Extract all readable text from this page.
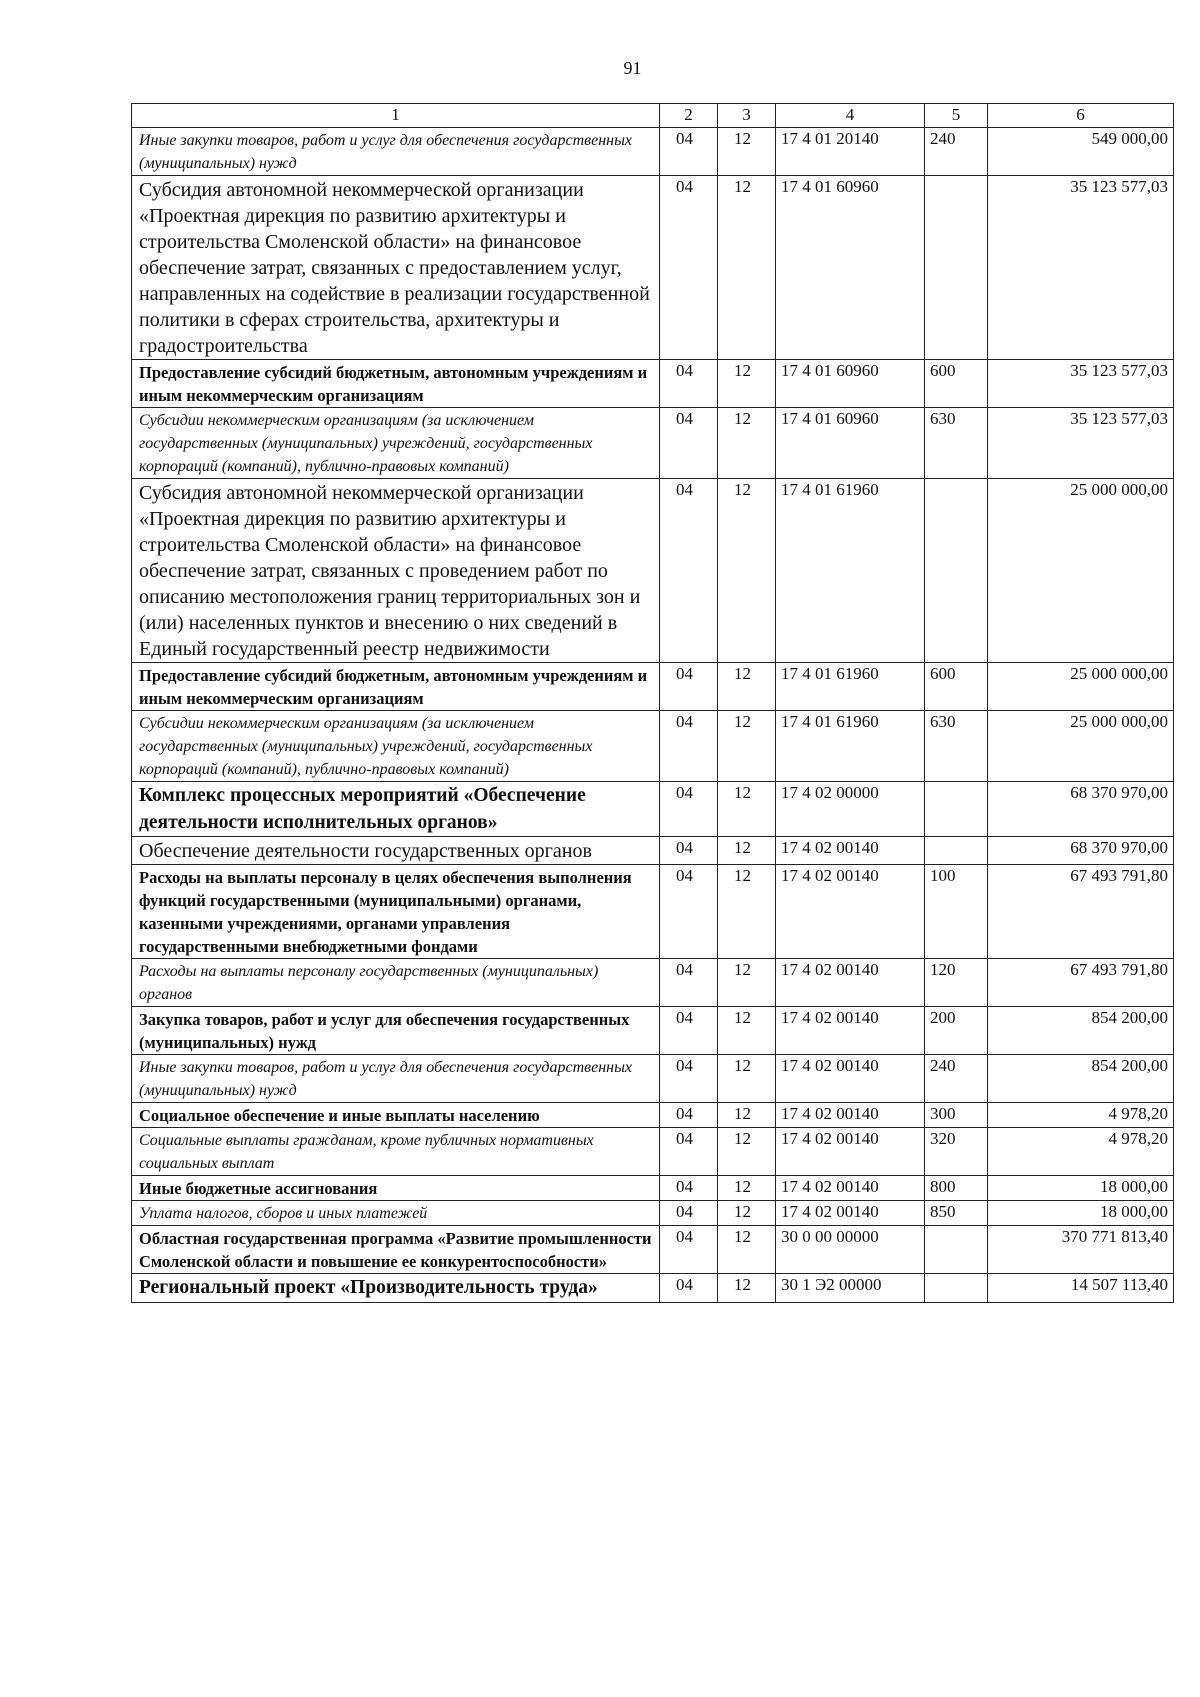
91
1	2	3	4	5	6
Иные закупки товаров, работ и услуг для обеспечения государственных (муниципальных) нужд	04	12	17 4 01 20140	240	549 000,00
Субсидия автономной некоммерческой организации «Проектная дирекция по развитию архитектуры и строительства Смоленской области» на финансовое обеспечение затрат, связанных с предоставлением услуг, направленных на содействие в реализации государственной политики в сферах строительства, архитектуры и градостроительства	04	12	17 4 01 60960		35 123 577,03
Предоставление субсидий бюджетным, автономным учреждениям и иным некоммерческим организациям	04	12	17 4 01 60960	600	35 123 577,03
Субсидии некоммерческим организациям (за исключением государственных (муниципальных) учреждений, государственных корпораций (компаний), публично-правовых компаний)	04	12	17 4 01 60960	630	35 123 577,03
Субсидия автономной некоммерческой организации «Проектная дирекция по развитию архитектуры и строительства Смоленской области» на финансовое обеспечение затрат, связанных с проведением работ по описанию местоположения границ территориальных зон и (или) населенных пунктов и внесению о них сведений в Единый государственный реестр недвижимости	04	12	17 4 01 61960		25 000 000,00
Предоставление субсидий бюджетным, автономным учреждениям и иным некоммерческим организациям	04	12	17 4 01 61960	600	25 000 000,00
Субсидии некоммерческим организациям (за исключением государственных (муниципальных) учреждений, государственных корпораций (компаний), публично-правовых компаний)	04	12	17 4 01 61960	630	25 000 000,00
Комплекс процессных мероприятий «Обеспечение деятельности исполнительных органов»	04	12	17 4 02 00000		68 370 970,00
Обеспечение деятельности государственных органов	04	12	17 4 02 00140		68 370 970,00
Расходы на выплаты персоналу в целях обеспечения выполнения функций государственными (муниципальными) органами, казенными учреждениями, органами управления государственными внебюджетными фондами	04	12	17 4 02 00140	100	67 493 791,80
Расходы на выплаты персоналу государственных (муниципальных) органов	04	12	17 4 02 00140	120	67 493 791,80
Закупка товаров, работ и услуг для обеспечения государственных (муниципальных) нужд	04	12	17 4 02 00140	200	854 200,00
Иные закупки товаров, работ и услуг для обеспечения государственных (муниципальных) нужд	04	12	17 4 02 00140	240	854 200,00
Социальное обеспечение и иные выплаты населению	04	12	17 4 02 00140	300	4 978,20
Социальные выплаты гражданам, кроме публичных нормативных социальных выплат	04	12	17 4 02 00140	320	4 978,20
Иные бюджетные ассигнования	04	12	17 4 02 00140	800	18 000,00
Уплата налогов, сборов и иных платежей	04	12	17 4 02 00140	850	18 000,00
Областная государственная программа «Развитие промышленности Смоленской области и повышение ее конкурентоспособности»	04	12	30 0 00 00000		370 771 813,40
Региональный проект «Производительность труда»	04	12	30 1 Э2 00000		14 507 113,40
